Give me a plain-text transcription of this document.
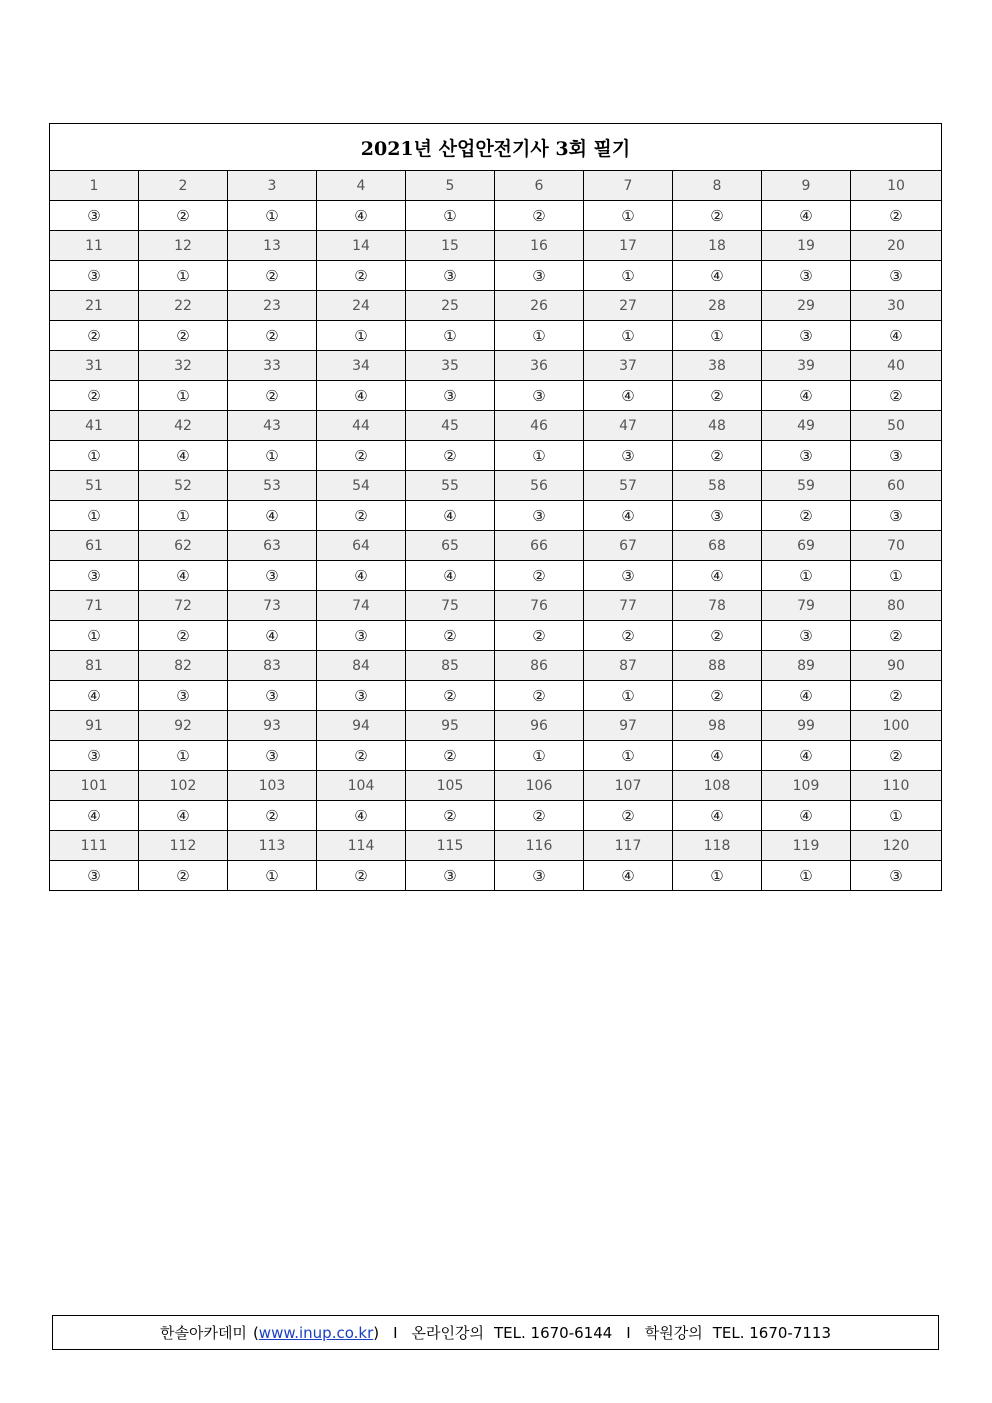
2021년 산업안전기사 3회 필기									
1	2	3	4	5	6	7	8	9	10
③	②	①	④	①	②	①	②	④	②
11	12	13	14	15	16	17	18	19	20
③	①	②	②	③	③	①	④	③	③
21	22	23	24	25	26	27	28	29	30
②	②	②	①	①	①	①	①	③	④
31	32	33	34	35	36	37	38	39	40
②	①	②	④	③	③	④	②	④	②
41	42	43	44	45	46	47	48	49	50
①	④	①	②	②	①	③	②	③	③
51	52	53	54	55	56	57	58	59	60
①	①	④	②	④	③	④	③	②	③
61	62	63	64	65	66	67	68	69	70
③	④	③	④	④	②	③	④	①	①
71	72	73	74	75	76	77	78	79	80
①	②	④	③	②	②	②	②	③	②
81	82	83	84	85	86	87	88	89	90
④	③	③	③	②	②	①	②	④	②
91	92	93	94	95	96	97	98	99	100
③	①	③	②	②	①	①	④	④	②
101	102	103	104	105	106	107	108	109	110
④	④	②	④	②	②	②	④	④	①
111	112	113	114	115	116	117	118	119	120
③	②	①	②	③	③	④	①	①	③
한솔아카데미 ( www.inup.co.kr ) I 온라인강의 TEL. 1670-6144 I 학원강의 TEL. 1670-7113
